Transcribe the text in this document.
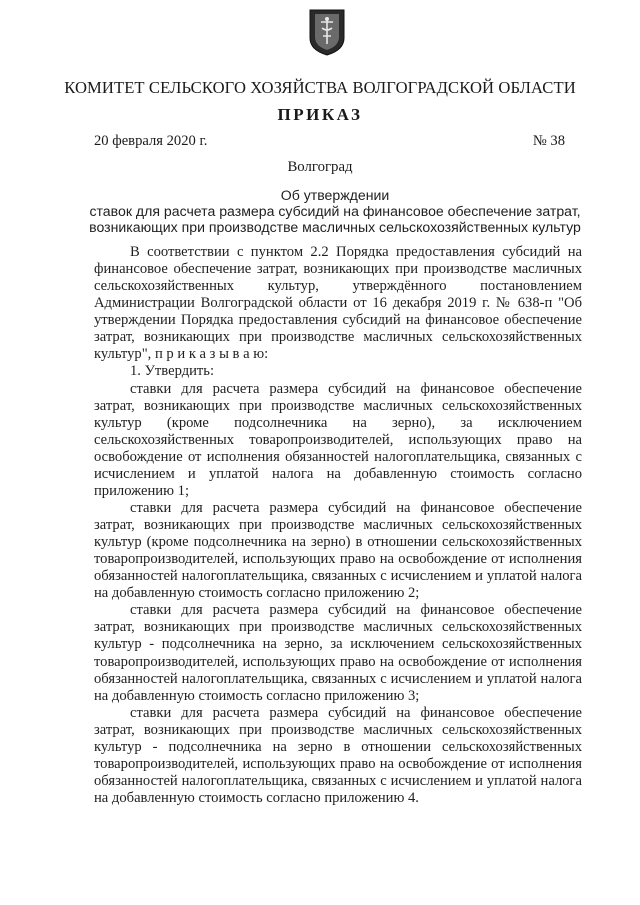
КОМИТЕТ СЕЛЬСКОГО ХОЗЯЙСТВА ВОЛГОГРАДСКОЙ ОБЛАСТИ
ПРИКАЗ
20 февраля 2020 г.	№ 38
Волгоград
Об утверждении
ставок для расчета размера субсидий на финансовое обеспечение затрат,
возникающих при производстве масличных сельскохозяйственных культур

В соответствии с пунктом 2.2 Порядка предоставления субсидий на финансовое обеспечение затрат, возникающих при производстве масличных сельскохозяйственных культур, утверждённого постановлением Администрации Волгоградской области от 16 декабря 2019 г. № 638-п "Об утверждении Порядка предоставления субсидий на финансовое обеспечение затрат, возникающих при производстве масличных сельскохозяйственных культур", п р и к а з ы в а ю:

1. Утвердить:

ставки для расчета размера субсидий на финансовое обеспечение затрат, возникающих при производстве масличных сельскохозяйственных культур (кроме подсолнечника на зерно), за исключением сельскохозяйственных товаропроизводителей, использующих право на освобождение от исполнения обязанностей налогоплательщика, связанных с исчислением и уплатой налога на добавленную стоимость согласно приложению 1;

ставки для расчета размера субсидий на финансовое обеспечение затрат, возникающих при производстве масличных сельскохозяйственных культур (кроме подсолнечника на зерно) в отношении сельскохозяйственных товаропроизводителей, использующих право на освобождение от исполнения обязанностей налогоплательщика, связанных с исчислением и уплатой налога на добавленную стоимость согласно приложению 2;

ставки для расчета размера субсидий на финансовое обеспечение затрат, возникающих при производстве масличных сельскохозяйственных культур - подсолнечника на зерно, за исключением сельскохозяйственных товаропроизводителей, использующих право на освобождение от исполнения обязанностей налогоплательщика, связанных с исчислением и уплатой налога на добавленную стоимость согласно приложению 3;

ставки для расчета размера субсидий на финансовое обеспечение затрат, возникающих при производстве масличных сельскохозяйственных культур - подсолнечника на зерно в отношении сельскохозяйственных товаропроизводителей, использующих право на освобождение от исполнения обязанностей налогоплательщика, связанных с исчислением и уплатой налога на добавленную стоимость согласно приложению 4.
